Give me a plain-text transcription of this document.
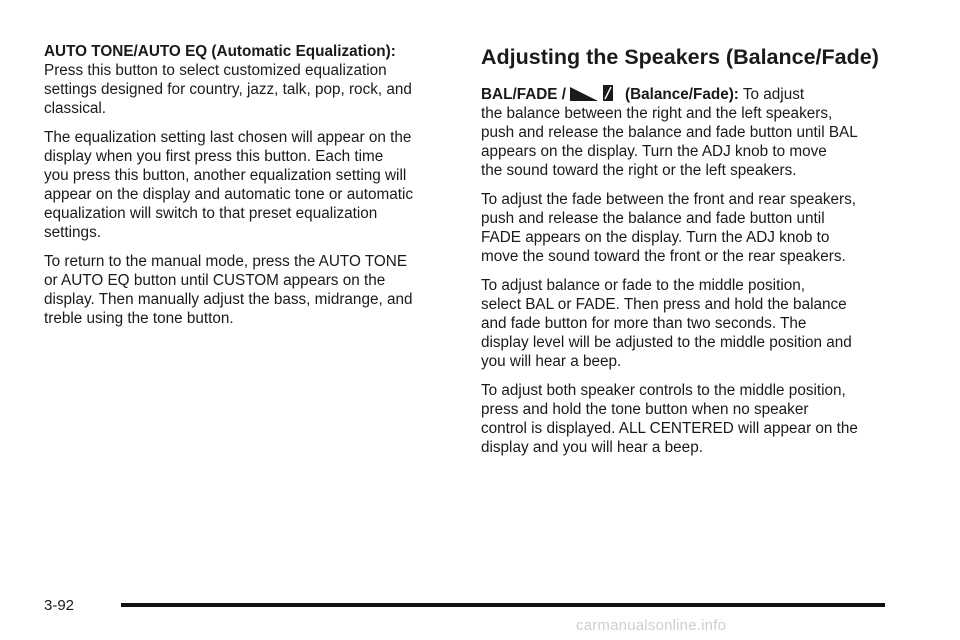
AUTO TONE/AUTO EQ (Automatic Equalization):
Press this button to select customized equalization
settings designed for country, jazz, talk, pop, rock, and
classical.

The equalization setting last chosen will appear on the
display when you first press this button. Each time
you press this button, another equalization setting will
appear on the display and automatic tone or automatic
equalization will switch to that preset equalization
settings.

To return to the manual mode, press the AUTO TONE
or AUTO EQ button until CUSTOM appears on the
display. Then manually adjust the bass, midrange, and
treble using the tone button.

Adjusting the Speakers (Balance/Fade)

BAL/FADE /	(Balance/Fade): To adjust
the balance between the right and the left speakers,
push and release the balance and fade button until BAL
appears on the display. Turn the ADJ knob to move
the sound toward the right or the left speakers.

To adjust the fade between the front and rear speakers,
push and release the balance and fade button until
FADE appears on the display. Turn the ADJ knob to
move the sound toward the front or the rear speakers.

To adjust balance or fade to the middle position,
select BAL or FADE. Then press and hold the balance
and fade button for more than two seconds. The
display level will be adjusted to the middle position and
you will hear a beep.

To adjust both speaker controls to the middle position,
press and hold the tone button when no speaker
control is displayed. ALL CENTERED will appear on the
display and you will hear a beep.

3-92
carmanualsonline.info
